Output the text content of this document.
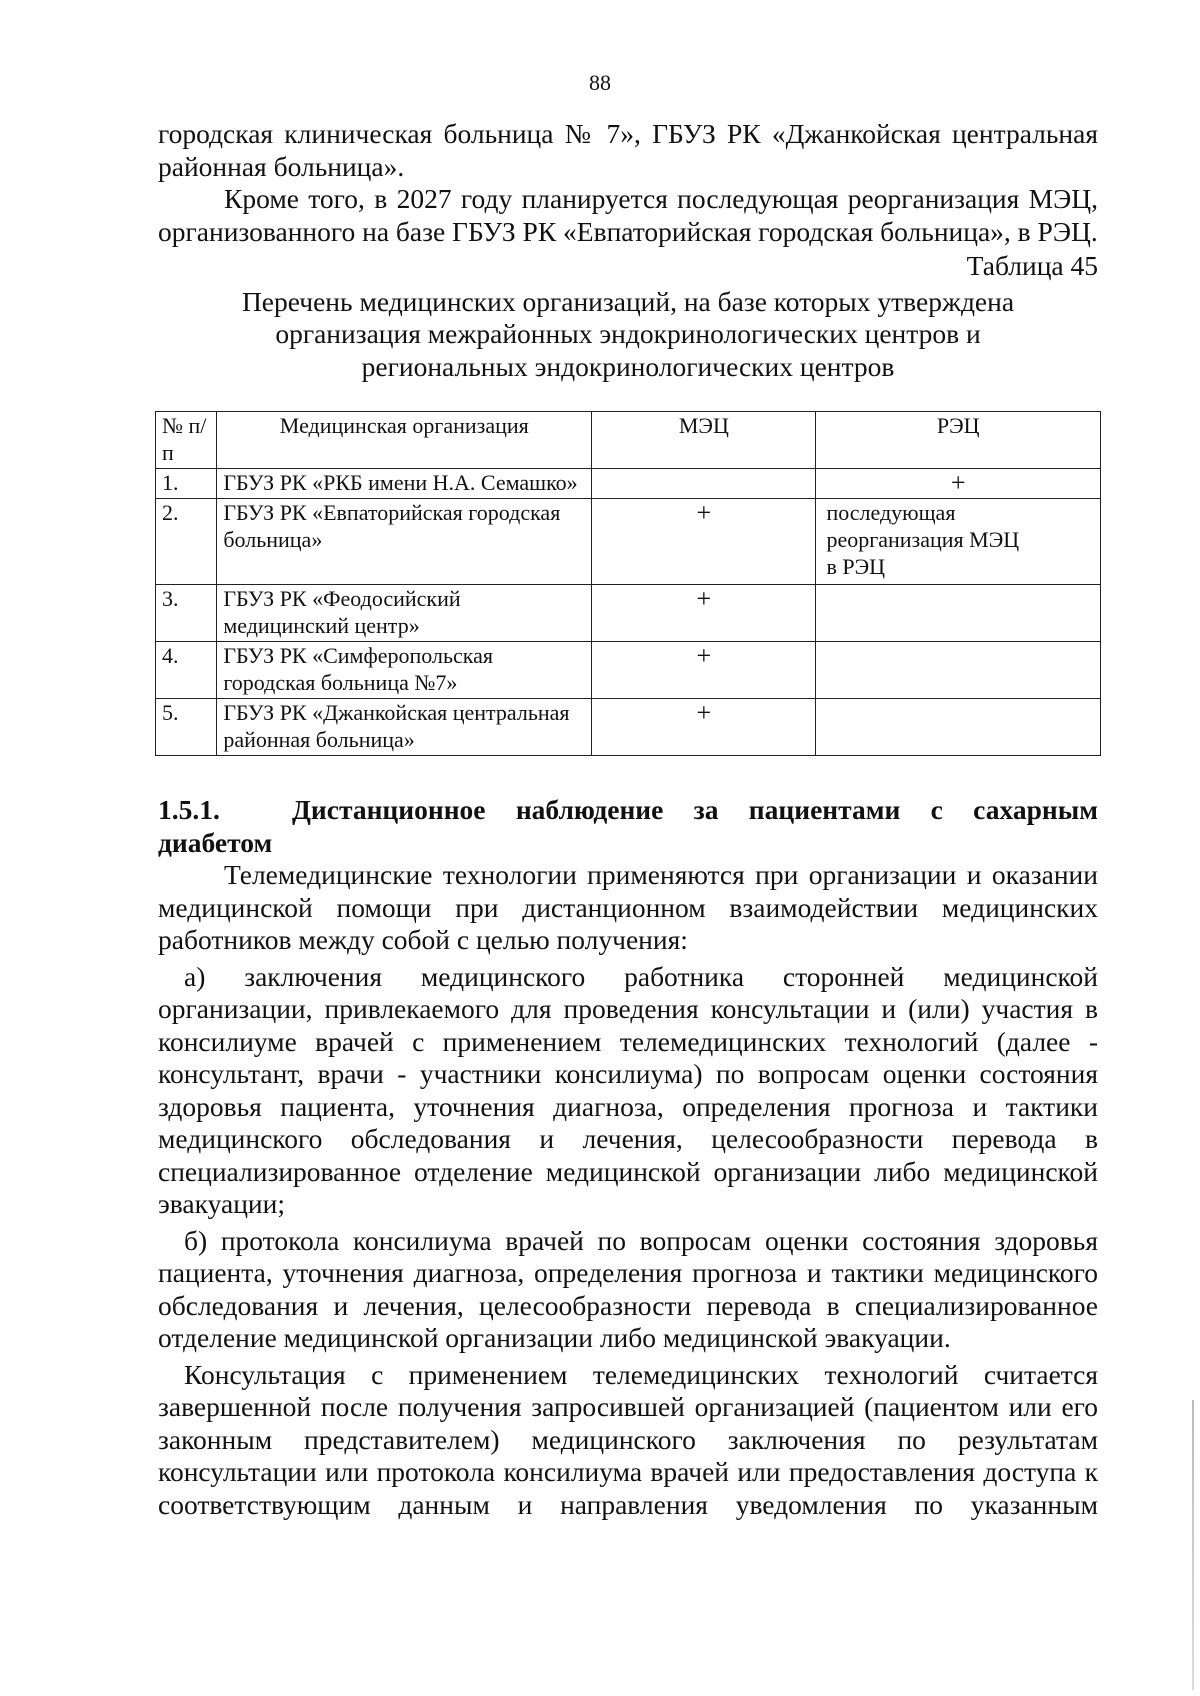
88

городская клиническая больница № 7», ГБУЗ РК «Джанкойская центральная районная больница».

Кроме того, в 2027 году планируется последующая реорганизация МЭЦ, организованного на базе ГБУЗ РК «Евпаторийская городская больница», в РЭЦ.

Таблица 45
Перечень медицинских организаций, на базе которых утверждена организация межрайонных эндокринологических центров и региональных эндокринологических центров
№ п/п	Медицинская организация	МЭЦ	РЭЦ
1.	ГБУЗ РК «РКБ имени Н.А. Семашко»		+
2.	ГБУЗ РК «Евпаторийская городская больница»	+	последующая реорганизация МЭЦ в РЭЦ
3.	ГБУЗ РК «Феодосийский медицинский центр»	+	
4.	ГБУЗ РК «Симферопольская городская больница №7»	+	
5.	ГБУЗ РК «Джанкойская центральная районная больница»	+	
1.5.1.	Дистанционное наблюдение за пациентами с сахарным
диабетом

Телемедицинские технологии применяются при организации и оказании медицинской помощи при дистанционном взаимодействии медицинских работников между собой с целью получения:

а) заключения медицинского работника сторонней медицинской организации, привлекаемого для проведения консультации и (или) участия в консилиуме врачей с применением телемедицинских технологий (далее - консультант, врачи - участники консилиума) по вопросам оценки состояния здоровья пациента, уточнения диагноза, определения прогноза и тактики медицинского обследования и лечения, целесообразности перевода в специализированное отделение медицинской организации либо медицинской эвакуации;

б) протокола консилиума врачей по вопросам оценки состояния здоровья пациента, уточнения диагноза, определения прогноза и тактики медицинского обследования и лечения, целесообразности перевода в специализированное отделение медицинской организации либо медицинской эвакуации.

Консультация с применением телемедицинских технологий считается завершенной после получения запросившей организацией (пациентом или его законным представителем) медицинского заключения по результатам консультации или протокола консилиума врачей или предоставления доступа к соответствующим данным и направления уведомления по указанным
